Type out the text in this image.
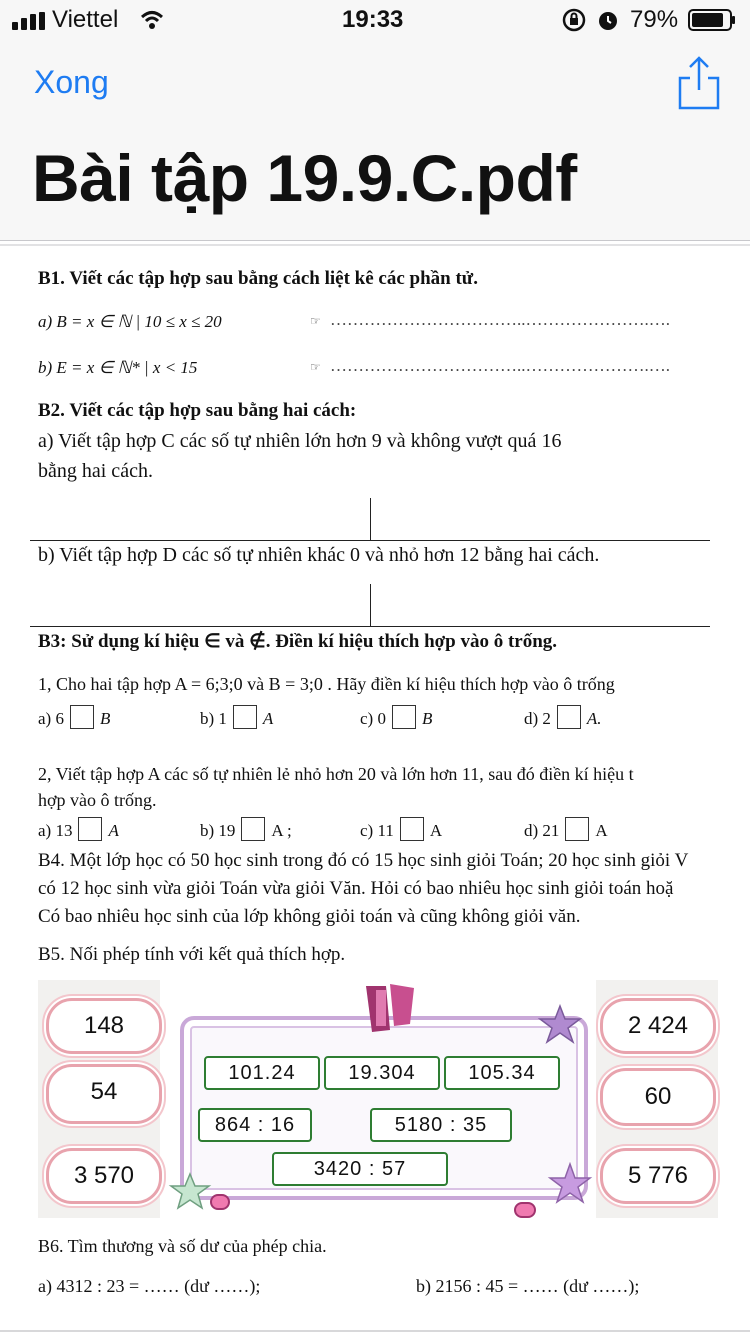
Viettel	19:33	79%
Xong
Bài tập 19.9.C.pdf
B1. Viết các tập hợp sau bằng cách liệt kê các phần tử.
a) B = x ∈ ℕ | 10 ≤ x ≤ 20	☞ ……………………………..………………….….
b) E = x ∈ ℕ* | x < 15	☞ ……………………………..………………….….
B2. Viết các tập hợp sau bằng hai cách:
a) Viết tập hợp C các số tự nhiên lớn hơn 9 và không vượt quá 16
bằng hai cách.
b) Viết tập hợp D các số tự nhiên khác 0 và nhỏ hơn 12 bằng hai cách.
B3: Sử dụng kí hiệu ∈ và ∉. Điền kí hiệu thích hợp vào ô trống.
1, Cho hai tập hợp A = 6;3;0 và B = 3;0 . Hãy điền kí hiệu thích hợp vào ô trống
a) 6 B	b) 1 A	c) 0 B	d) 2 A.
2, Viết tập hợp A các số tự nhiên lẻ nhỏ hơn 20 và lớn hơn 11, sau đó điền kí hiệu t
hợp vào ô trống.
a) 13 A	b) 19 A ;	c) 11 A	d) 21 A
B4. Một lớp học có 50 học sinh trong đó có 15 học sinh giỏi Toán; 20 học sinh giỏi V
có 12 học sinh vừa giỏi Toán vừa giỏi Văn. Hỏi có bao nhiêu học sinh giỏi toán hoặ
Có bao nhiêu học sinh của lớp không giỏi toán và cũng không giỏi văn.
B5. Nối phép tính với kết quả thích hợp.
148
54
3 570
2 424
60
5 776
101.24	19.304	105.34
864 : 16	5180 : 35
3420 : 57
B6. Tìm thương và số dư của phép chia.
a) 4312 : 23 = …… (dư ……);	b) 2156 : 45 = …… (dư ……);
